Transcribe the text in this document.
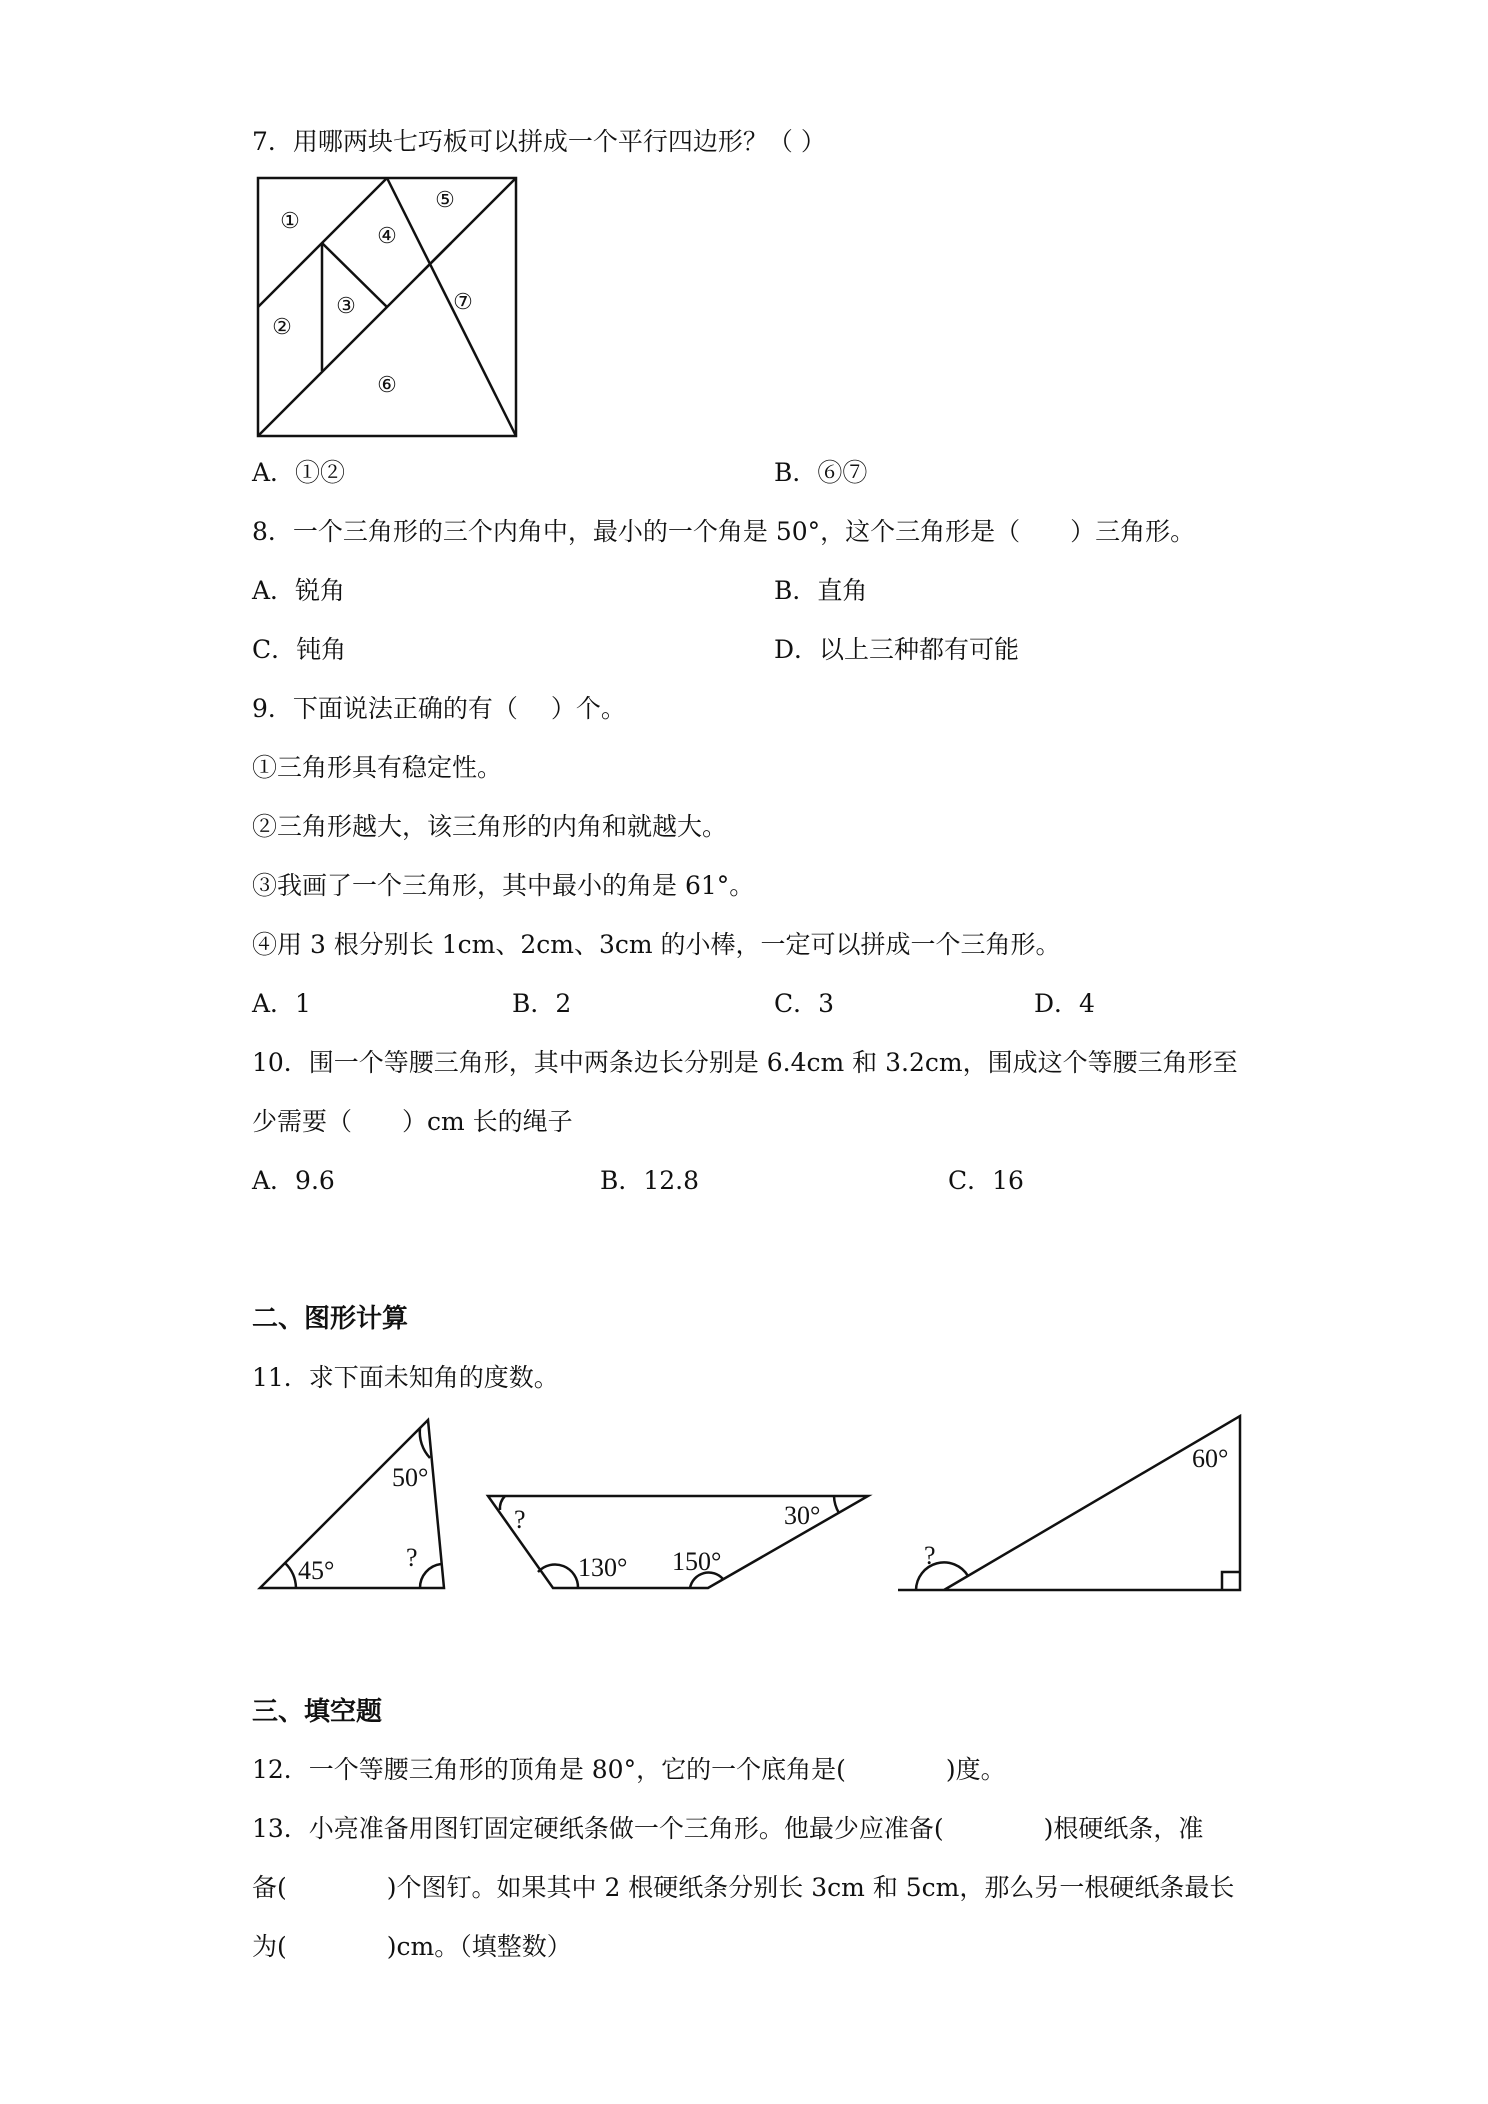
7．用哪两块七巧板可以拼成一个平行四边形？（ ）
①
②
③
④
⑤
⑥
⑦
A．①②	B．⑥⑦
8．一个三角形的三个内角中，最小的一个角是 50°，这个三角形是（　　）三角形。
A．锐角	B．直角
C．钝角	D．以上三种都有可能
9．下面说法正确的有（　 ）个。
①三角形具有稳定性。
②三角形越大，该三角形的内角和就越大。
③我画了一个三角形，其中最小的角是 61°。
④用 3 根分别长 1cm、2cm、3cm 的小棒，一定可以拼成一个三角形。
A．1	B．2	C．3	D．4
10．围一个等腰三角形，其中两条边长分别是 6.4cm 和 3.2cm，围成这个等腰三角形至
少需要（　　）cm 长的绳子
A．9.6	B．12.8	C．16
二、图形计算
11．求下面未知角的度数。
50°
45°	?
?	30°
130° 150°
60°
?
三、填空题
12．一个等腰三角形的顶角是 80°，它的一个底角是(　　　　)度。
13．小亮准备用图钉固定硬纸条做一个三角形。他最少应准备(　　　　)根硬纸条，准
备(　　　　)个图钉。如果其中 2 根硬纸条分别长 3cm 和 5cm，那么另一根硬纸条最长
为(　　　　)cm。（填整数）
